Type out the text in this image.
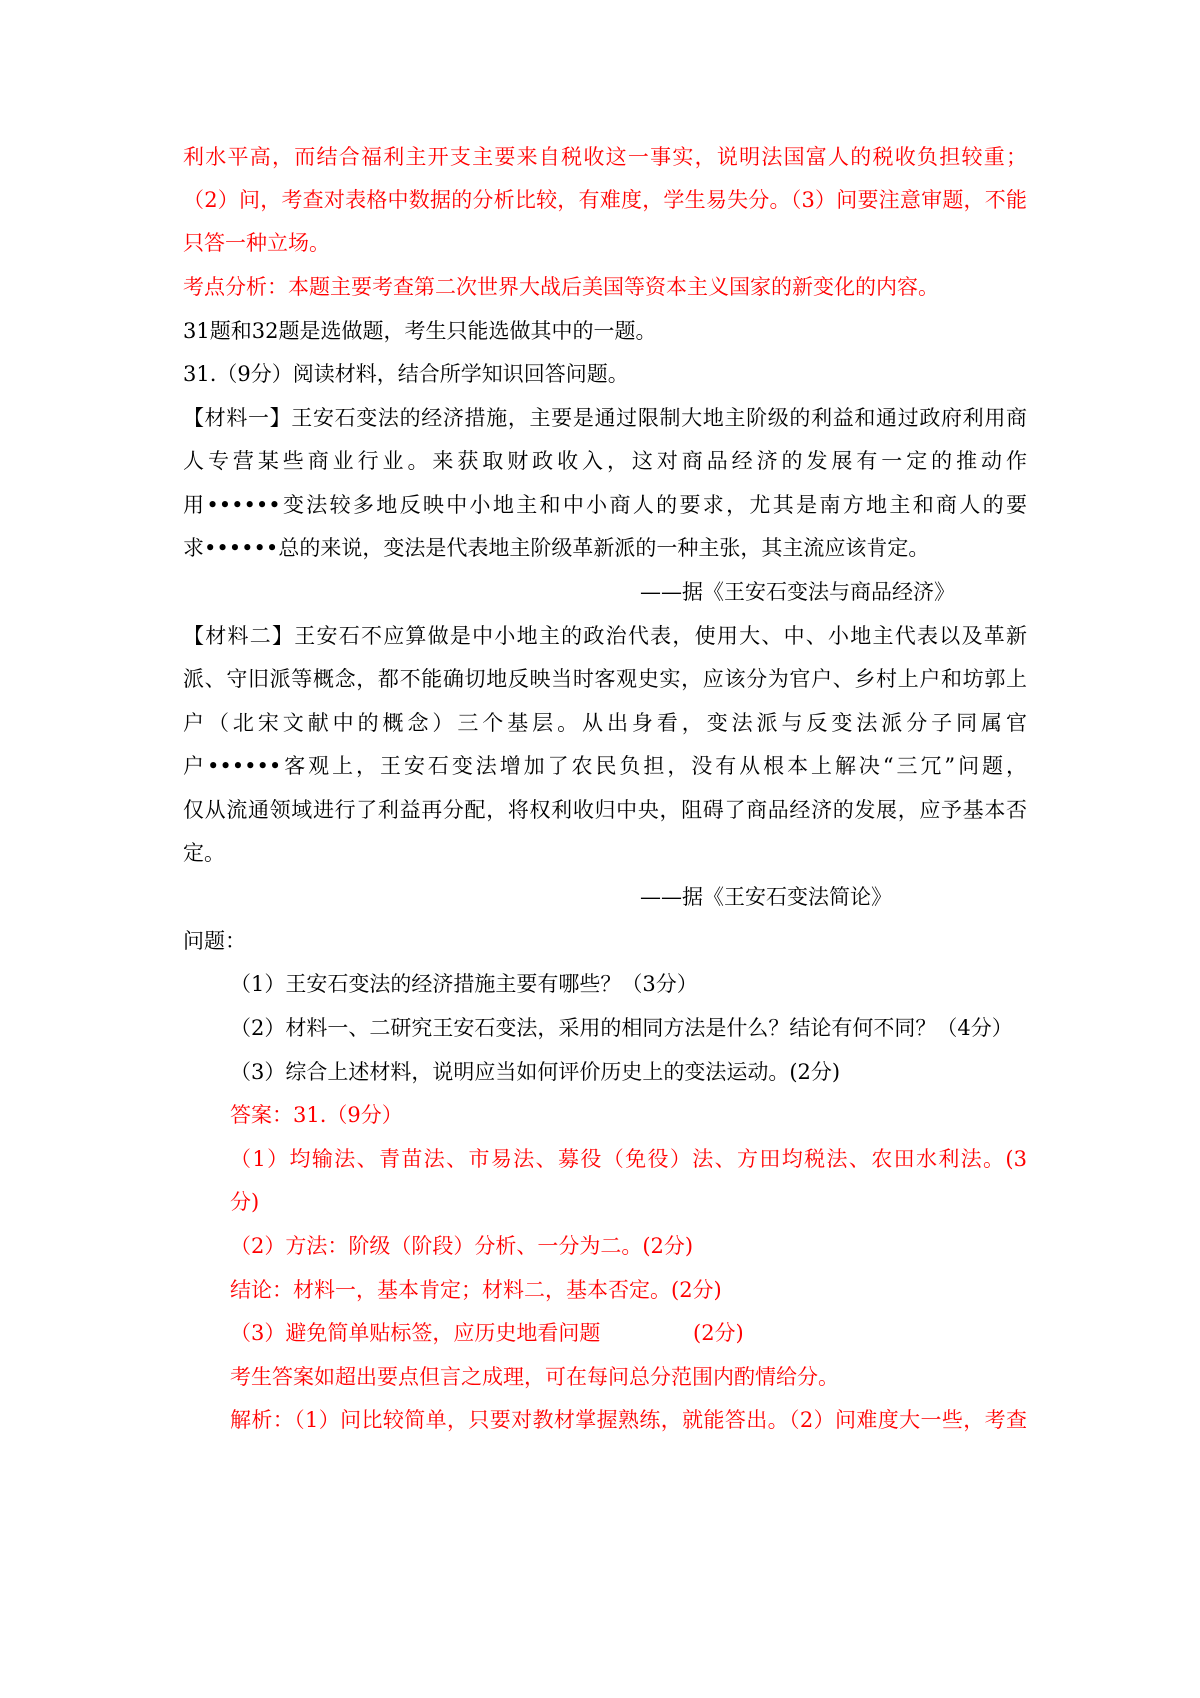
利水平高，而结合福利主开支主要来自税收这一事实，说明法国富人的税收负担较重；
（2）问，考查对表格中数据的分析比较，有难度，学生易失分。（3）问要注意审题，不能
只答一种立场。
考点分析：本题主要考查第二次世界大战后美国等资本主义国家的新变化的内容。
31题和32题是选做题，考生只能选做其中的一题。
31.（9分）阅读材料，结合所学知识回答问题。
【材料一】王安石变法的经济措施，主要是通过限制大地主阶级的利益和通过政府利用商
人专营某些商业行业。来获取财政收入，这对商品经济的发展有一定的推动作
用••••••变法较多地反映中小地主和中小商人的要求，尤其是南方地主和商人的要
求••••••总的来说，变法是代表地主阶级革新派的一种主张，其主流应该肯定。
——据《王安石变法与商品经济》
【材料二】王安石不应算做是中小地主的政治代表，使用大、中、小地主代表以及革新
派、守旧派等概念，都不能确切地反映当时客观史实，应该分为官户、乡村上户和坊郭上
户（北宋文献中的概念）三个基层。从出身看，变法派与反变法派分子同属官
户••••••客观上，王安石变法增加了农民负担，没有从根本上解决“三冗”问题，
仅从流通领域进行了利益再分配，将权利收归中央，阻碍了商品经济的发展，应予基本否
定。
——据《王安石变法简论》
问题：
（1）王安石变法的经济措施主要有哪些？（3分）
（2）材料一、二研究王安石变法，采用的相同方法是什么？结论有何不同？（4分）
（3）综合上述材料，说明应当如何评价历史上的变法运动。(2分)
答案：31.（9分）
（1）均输法、青苗法、市易法、募役（免役）法、方田均税法、农田水利法。(3
分)
（2）方法：阶级（阶段）分析、一分为二。(2分)
结论：材料一，基本肯定；材料二，基本否定。(2分)
（3）避免简单贴标签，应历史地看问题	(2分)
考生答案如超出要点但言之成理，可在每问总分范围内酌情给分。
解析：（1）问比较简单，只要对教材掌握熟练，就能答出。（2）问难度大一些，考查
